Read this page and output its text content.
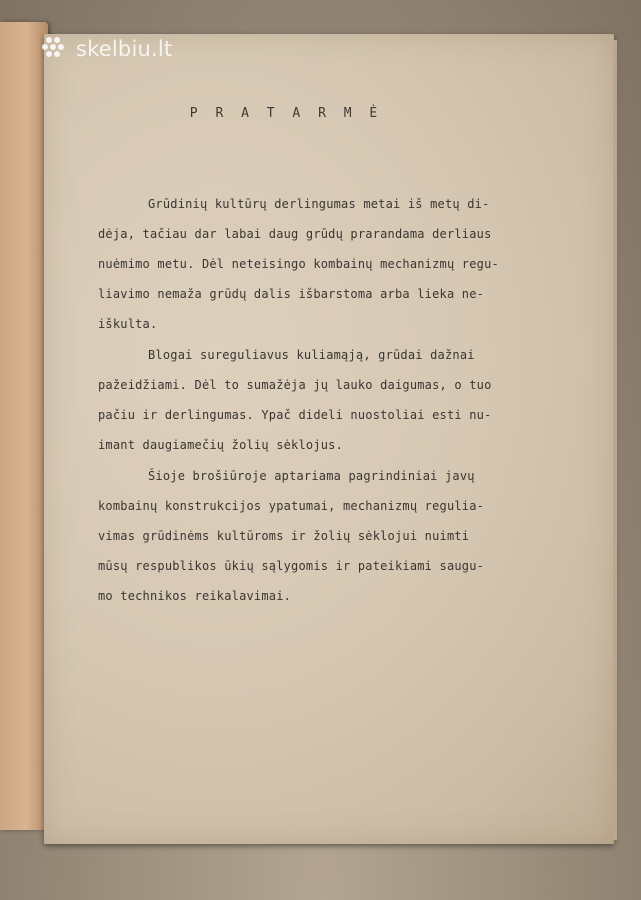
skelbiu.lt
P R A T A R M Ė
Grūdinių kultūrų derlingumas metai iš metų di-
dėja, tačiau dar labai daug grūdų prarandama derliaus
nuėmimo metu. Dėl neteisingo kombainų mechanizmų regu-
liavimo nemaža grūdų dalis išbarstoma arba lieka ne-
iškulta.
Blogai sureguliavus kuliamąją, grūdai dažnai
pažeidžiami. Dėl to sumažėja jų lauko daigumas, o tuo
pačiu ir derlingumas. Ypač dideli nuostoliai esti nu-
imant daugiamečių žolių sėklojus.
Šioje brošiūroje aptariama pagrindiniai javų
kombainų konstrukcijos ypatumai, mechanizmų regulia-
vimas grūdinėms kultūroms ir žolių sėklojui nuimti
mūsų respublikos ūkių sąlygomis ir pateikiami saugu-
mo technikos reikalavimai.
